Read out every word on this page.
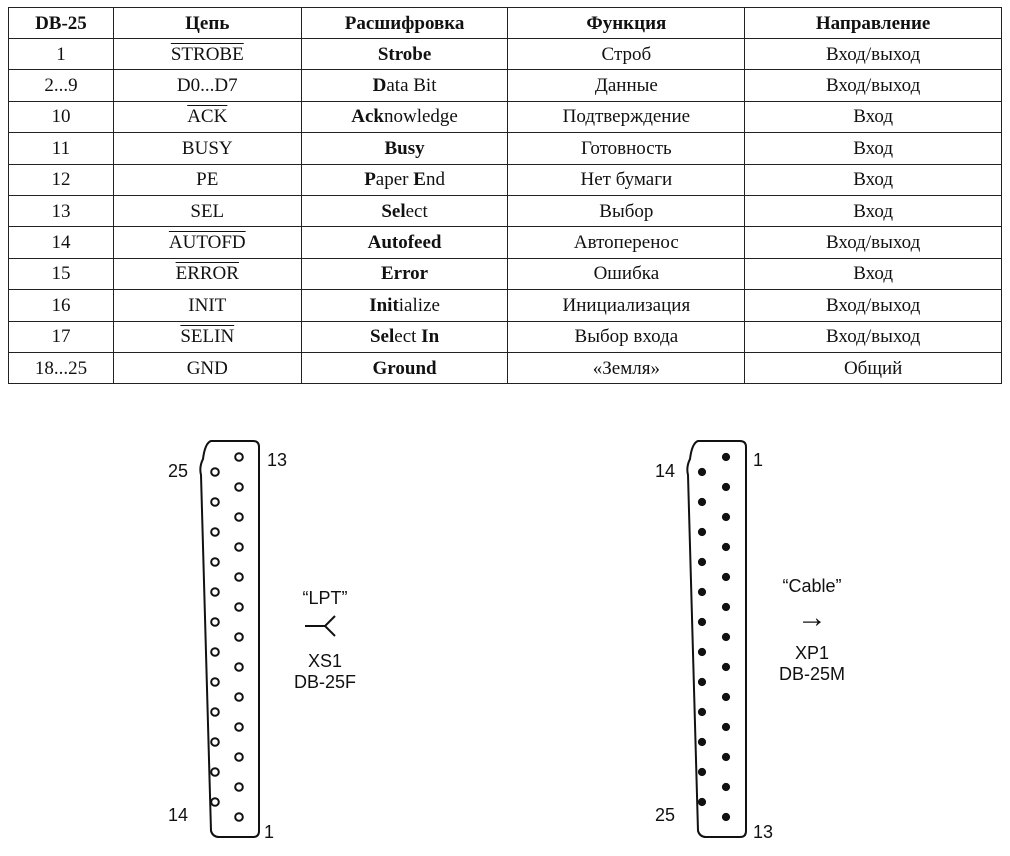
DB-25	Цепь	Расшифровка	Функция	Направление
1	STROBE	Strobe	Строб	Вход/выход
2...9	D0...D7	Data Bit	Данные	Вход/выход
10	$\overline{ACK}$	Acknowledge	Подтверждение	Вход
11	BUSY	Busy	Готовность	Вход
12	PE	Paper End	Нет бумаги	Вход
13	SEL	Select	Выбор	Вход
14	AUTOFD	Autofeed	Автоперенос	Вход/выход
15	ERROR	Error	Ошибка	Вход
16	INIT	Initialize	Инициализация	Вход/выход
17	SELIN	Select In	Выбор входа	Вход/выход
18...25	GND	Ground	«Земля»	Общий
25
13
14
1
“LPT”
XS1
DB-25F
14
1
25
13
“Cable”
→
XP1
DB-25M
